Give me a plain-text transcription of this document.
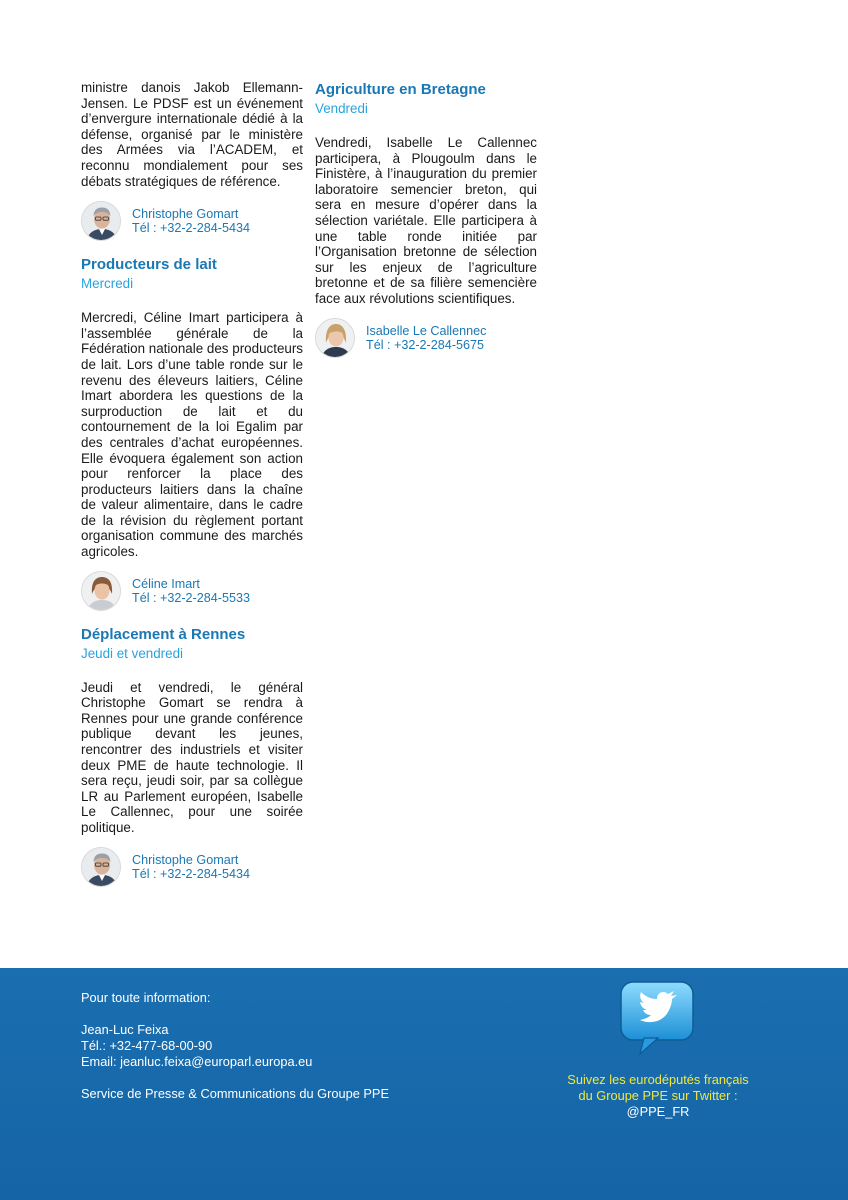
ministre danois Jakob Ellemann-Jensen. Le PDSF est un événement d’envergure internationale dédié à la défense, organisé par le ministère des Armées via l’ACADEM, et reconnu mondialement pour ses débats stratégiques de référence.

Christophe Gomart
Tél : +32-2-284-5434
Producteurs de lait
Mercredi

Mercredi, Céline Imart participera à l’assemblée générale de la Fédération nationale des producteurs de lait. Lors d’une table ronde sur le revenu des éleveurs laitiers, Céline Imart abordera les questions de la surproduction de lait et du contournement de la loi Egalim par des centrales d’achat européennes. Elle évoquera également son action pour renforcer la place des producteurs laitiers dans la chaîne de valeur alimentaire, dans le cadre de la révision du règlement portant organisation commune des marchés agricoles.

Céline Imart
Tél : +32-2-284-5533
Déplacement à Rennes
Jeudi et vendredi

Jeudi et vendredi, le général Christophe Gomart se rendra à Rennes pour une grande conférence publique devant les jeunes, rencontrer des industriels et visiter deux PME de haute technologie. Il sera reçu, jeudi soir, par sa collègue LR au Parlement européen, Isabelle Le Callennec, pour une soirée politique.

Christophe Gomart
Tél : +32-2-284-5434
Agriculture en Bretagne
Vendredi

Vendredi, Isabelle Le Callennec participera, à Plougoulm dans le Finistère, à l’inauguration du premier laboratoire semencier breton, qui sera en mesure d’opérer dans la sélection variétale. Elle participera à une table ronde initiée par l’Organisation bretonne de sélection sur les enjeux de l’agriculture bretonne et de sa filière semencière face aux révolutions scientifiques.

Isabelle Le Callennec
Tél : +32-2-284-5675
Pour toute information:
Jean-Luc Feixa
Tél.: +32-477-68-00-90
Email: jeanluc.feixa@europarl.europa.eu
Service de Presse & Communications du Groupe PPE
Suivez les eurodéputés français
du Groupe PPE sur Twitter :
@PPE_FR
